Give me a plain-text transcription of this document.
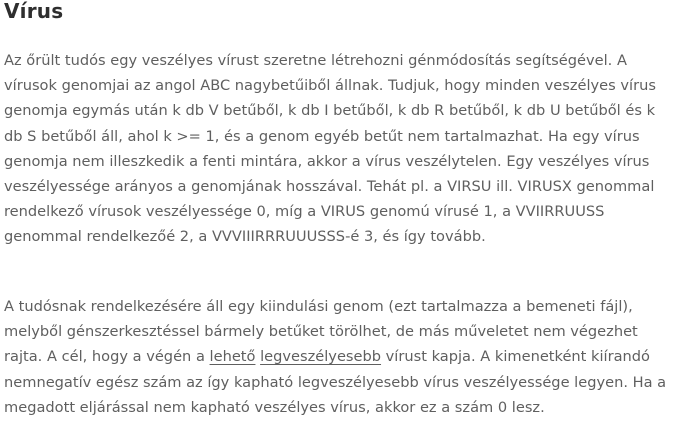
Vírus
Az őrült tudós egy veszélyes vírust szeretne létrehozni génmódosítás segítségével. A
vírusok genomjai az angol ABC nagybetűiből állnak. Tudjuk, hogy minden veszélyes vírus
genomja egymás után k db V betűből, k db I betűből, k db R betűből, k db U betűből és k
db S betűből áll, ahol k >= 1, és a genom egyéb betűt nem tartalmazhat. Ha egy vírus
genomja nem illeszkedik a fenti mintára, akkor a vírus veszélytelen. Egy veszélyes vírus
veszélyessége arányos a genomjának hosszával. Tehát pl. a VIRSU ill. VIRUSX genommal
rendelkező vírusok veszélyessége 0, míg a VIRUS genomú vírusé 1, a VVIIRRUUSS
genommal rendelkezőé 2, a VVVIIIRRRUUUSSS-é 3, és így tovább.
A tudósnak rendelkezésére áll egy kiindulási genom (ezt tartalmazza a bemeneti fájl),
melyből génszerkesztéssel bármely betűket törölhet, de más műveletet nem végezhet
rajta. A cél, hogy a végén a lehető legveszélyesebb vírust kapja. A kimenetként kiírandó
nemnegatív egész szám az így kapható legveszélyesebb vírus veszélyessége legyen. Ha a
megadott eljárással nem kapható veszélyes vírus, akkor ez a szám 0 lesz.
